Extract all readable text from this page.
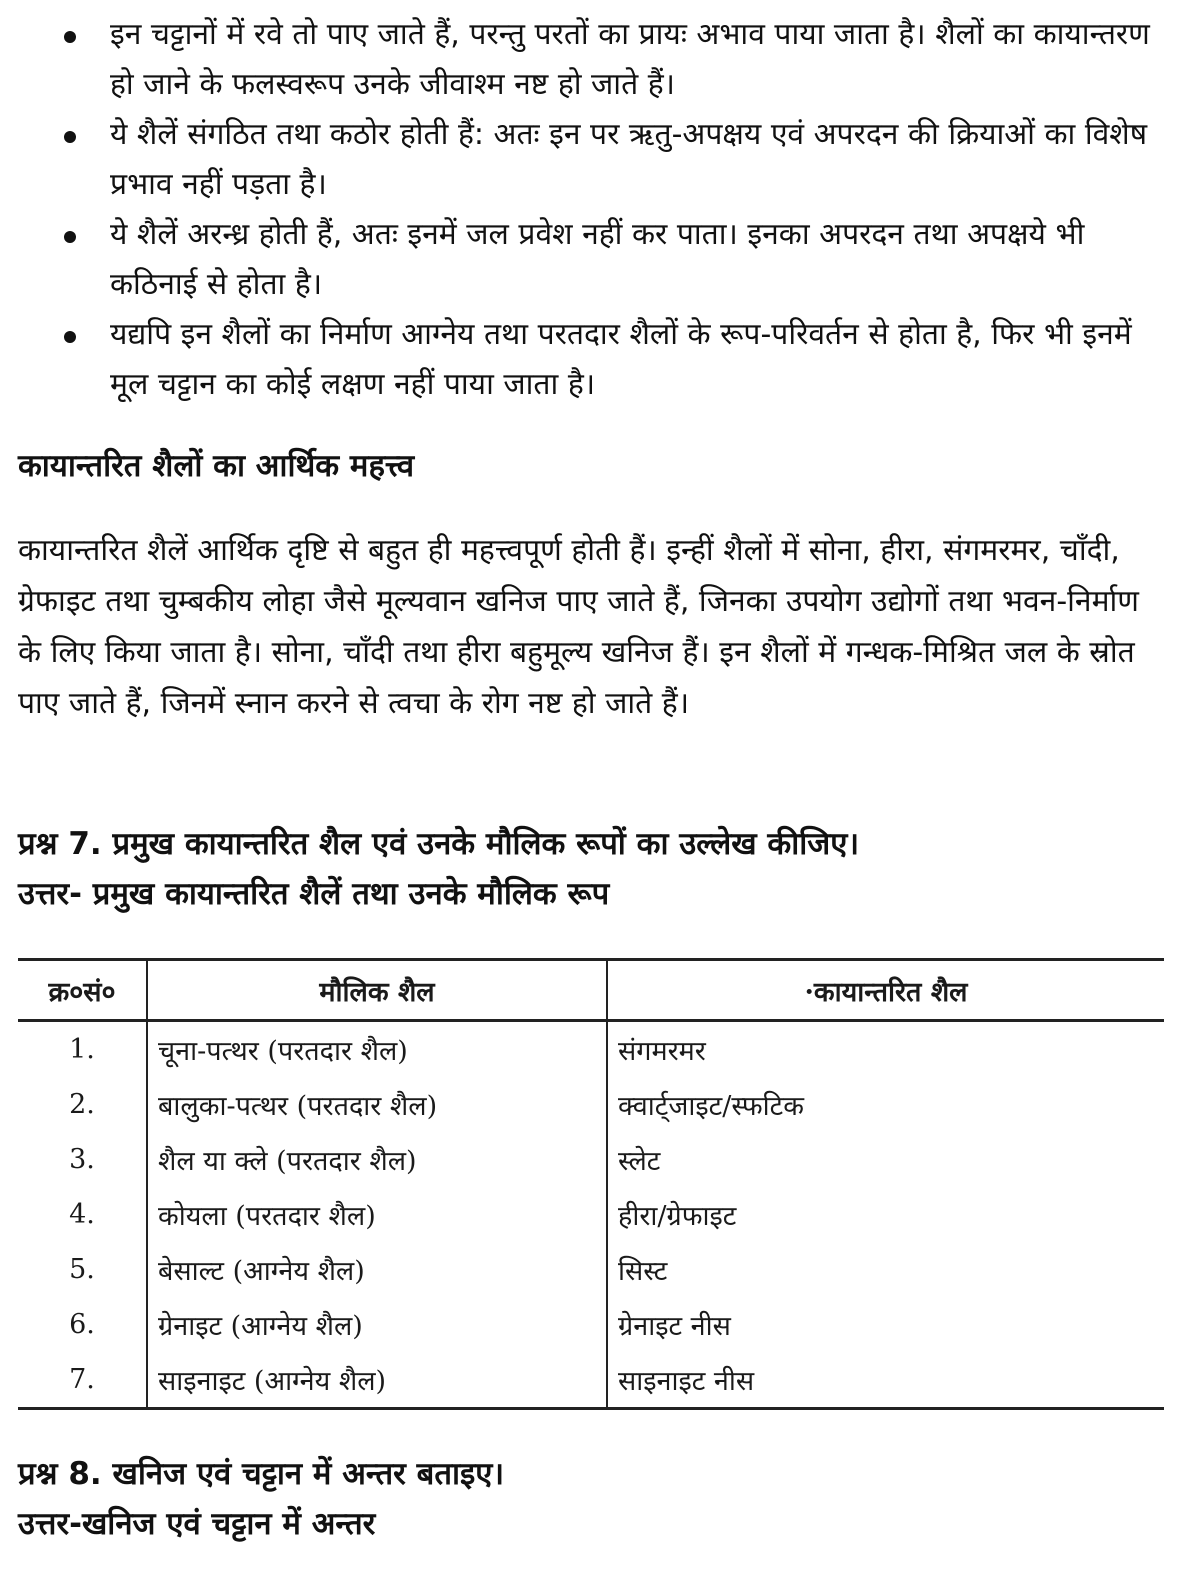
इन चट्टानों में रवे तो पाए जाते हैं, परन्तु परतों का प्रायः अभाव पाया जाता है। शैलों का कायान्तरण हो जाने के फलस्वरूप उनके जीवाश्म नष्ट हो जाते हैं।
ये शैलें संगठित तथा कठोर होती हैं: अतः इन पर ऋतु-अपक्षय एवं अपरदन की क्रियाओं का विशेष प्रभाव नहीं पड़ता है।
ये शैलें अरन्ध्र होती हैं, अतः इनमें जल प्रवेश नहीं कर पाता। इनका अपरदन तथा अपक्षये भी कठिनाई से होता है।
यद्यपि इन शैलों का निर्माण आग्नेय तथा परतदार शैलों के रूप-परिवर्तन से होता है, फिर भी इनमें मूल चट्टान का कोई लक्षण नहीं पाया जाता है।
कायान्तरित शैलों का आर्थिक महत्त्व

कायान्तरित शैलें आर्थिक दृष्टि से बहुत ही महत्त्वपूर्ण होती हैं। इन्हीं शैलों में सोना, हीरा, संगमरमर, चाँदी, ग्रेफाइट तथा चुम्बकीय लोहा जैसे मूल्यवान खनिज पाए जाते हैं, जिनका उपयोग उद्योगों तथा भवन-निर्माण के लिए किया जाता है। सोना, चाँदी तथा हीरा बहुमूल्य खनिज हैं। इन शैलों में गन्धक-मिश्रित जल के स्रोत पाए जाते हैं, जिनमें स्नान करने से त्वचा के रोग नष्ट हो जाते हैं।

प्रश्न 7. प्रमुख कायान्तरित शैल एवं उनके मौलिक रूपों का उल्लेख कीजिए।
उत्तर- प्रमुख कायान्तरित शैलें तथा उनके मौलिक रूप
क्र०सं०	मौलिक शैल	·कायान्तरित शैल
1.	चूना-पत्थर (परतदार शैल)	संगमरमर
2.	बालुका-पत्थर (परतदार शैल)	क्वार्ट्जाइट/स्फटिक
3.	शैल या क्ले (परतदार शैल)	स्लेट
4.	कोयला (परतदार शैल)	हीरा/ग्रेफाइट
5.	बेसाल्ट (आग्नेय शैल)	सिस्ट
6.	ग्रेनाइट (आग्नेय शैल)	ग्रेनाइट नीस
7.	साइनाइट (आग्नेय शैल)	साइनाइट नीस
प्रश्न 8. खनिज एवं चट्टान में अन्तर बताइए।
उत्तर-खनिज एवं चट्टान में अन्तर
